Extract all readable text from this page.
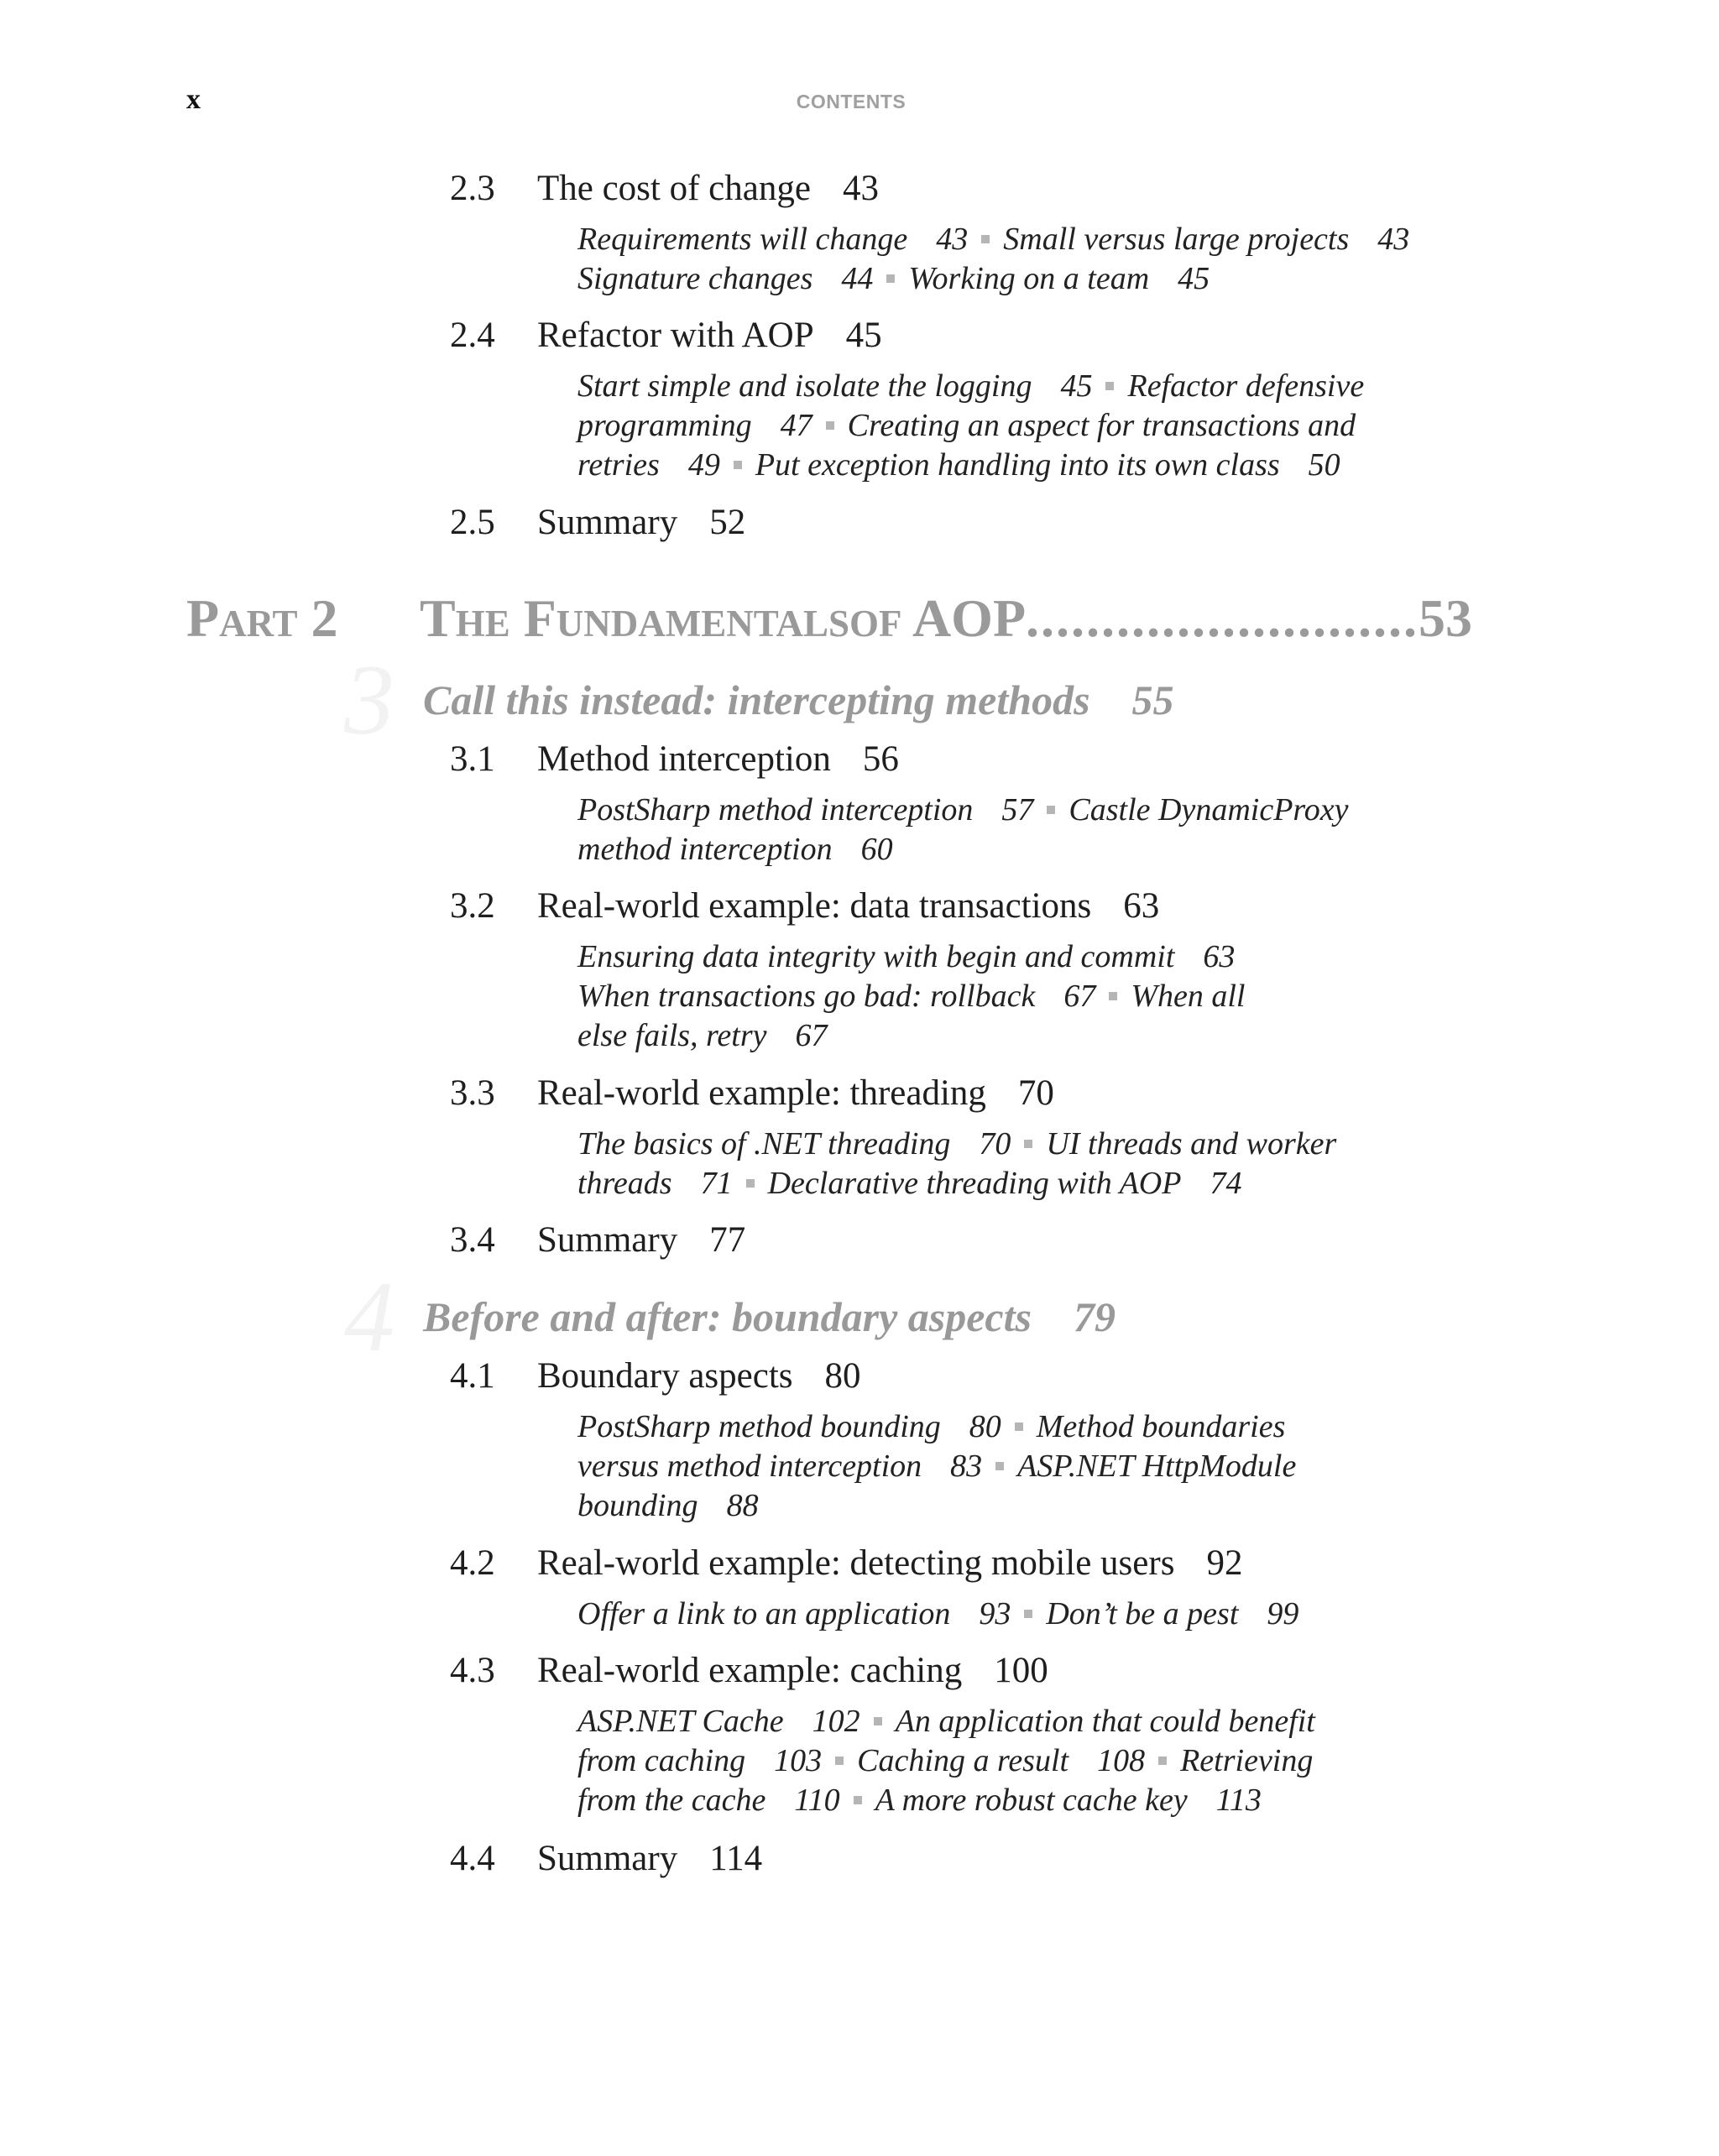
x	CONTENTS
Part 2 The Fundamentalsof AOP..........................53
2.3 The cost of change 43
Requirements will change 43 Small versus large projects 43
Signature changes 44 Working on a team 45
2.4 Refactor with AOP 45
Start simple and isolate the logging 45 Refactor defensive
programming 47 Creating an aspect for transactions and
retries 49 Put exception handling into its own class 50
2.5 Summary 52
3 Call this instead: intercepting methods 55
3.1 Method interception 56
PostSharp method interception 57 Castle DynamicProxy
method interception 60
3.2 Real-world example: data transactions 63
Ensuring data integrity with begin and commit 63
When transactions go bad: rollback 67 When all
else fails, retry 67
3.3 Real-world example: threading 70
The basics of .NET threading 70 UI threads and worker
threads 71 Declarative threading with AOP 74
3.4 Summary 77
4 Before and after: boundary aspects 79
4.1 Boundary aspects 80
PostSharp method bounding 80 Method boundaries
versus method interception 83 ASP.NET HttpModule
bounding 88
4.2 Real-world example: detecting mobile users 92
Offer a link to an application 93 Don’t be a pest 99
4.3 Real-world example: caching 100
ASP.NET Cache 102 An application that could benefit
from caching 103 Caching a result 108 Retrieving
from the cache 110 A more robust cache key 113
4.4 Summary 114
